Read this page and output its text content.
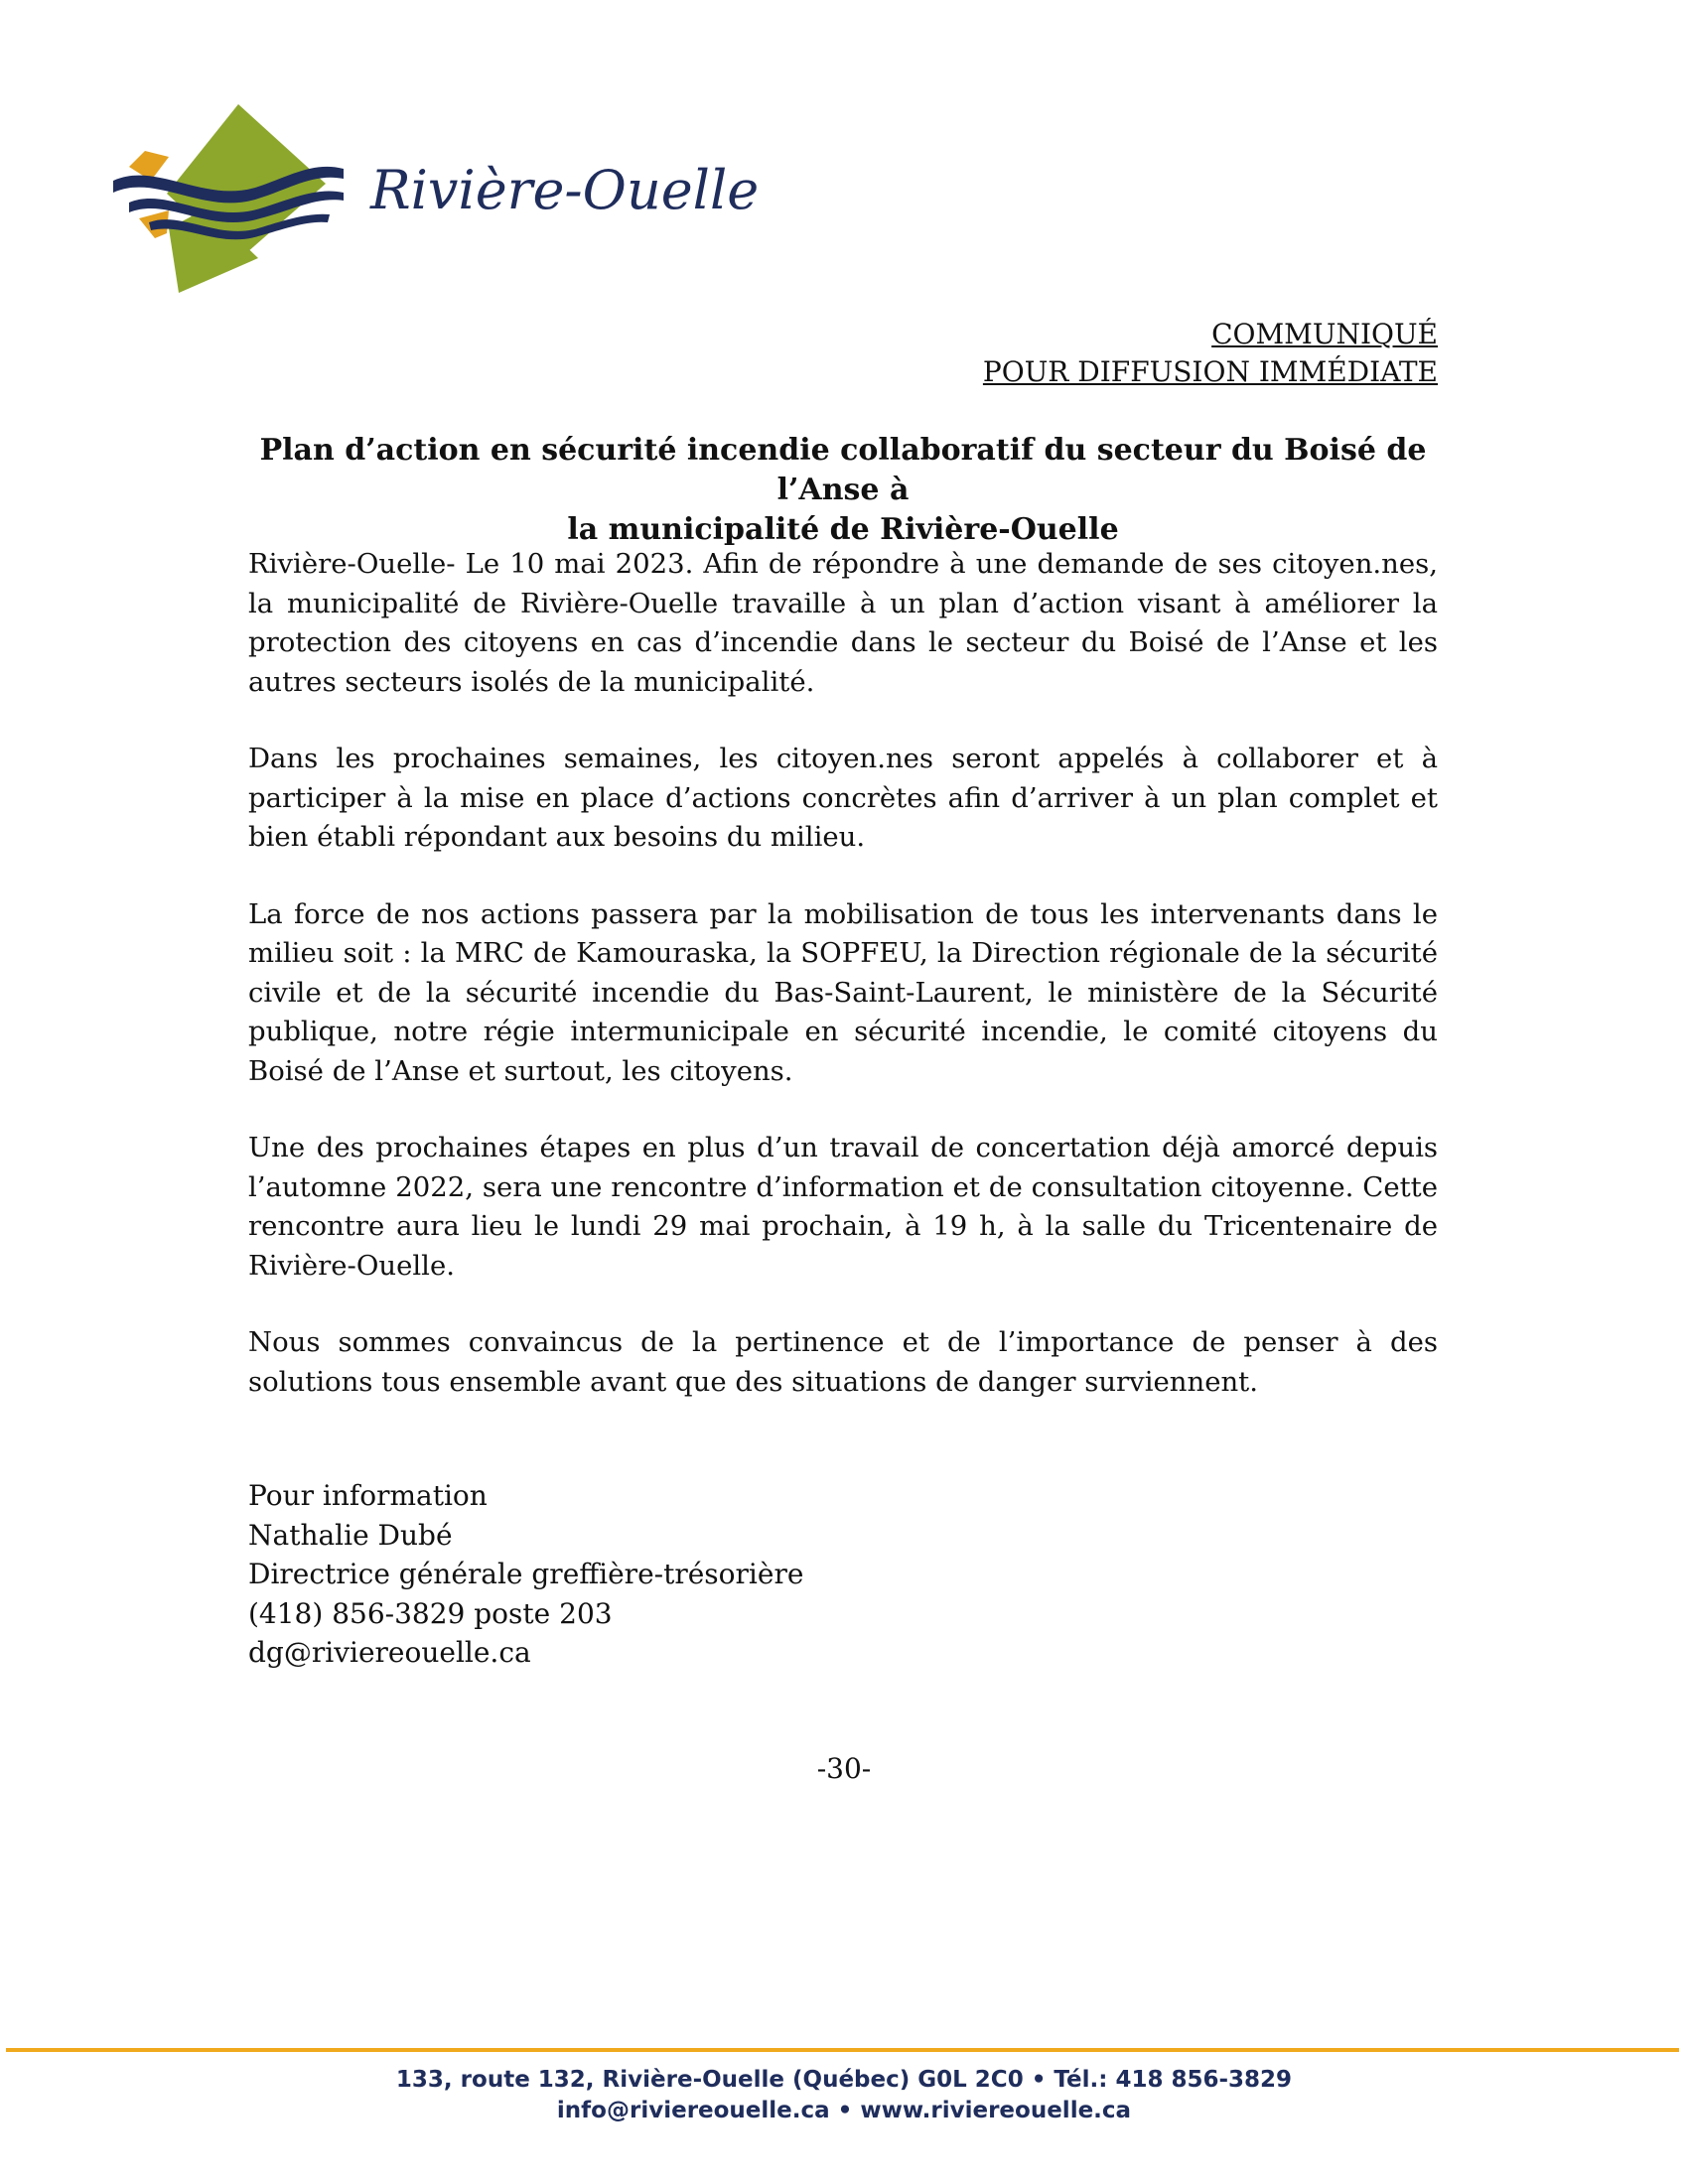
Rivière-Ouelle
COMMUNIQUÉ
POUR DIFFUSION IMMÉDIATE
Plan d’action en sécurité incendie collaboratif du secteur du Boisé de l’Anse à
la municipalité de Rivière-Ouelle

Rivière-Ouelle- Le 10 mai 2023. Afin de répondre à une demande de ses citoyen.nes, la municipalité de Rivière-Ouelle travaille à un plan d’action visant à améliorer la protection des citoyens en cas d’incendie dans le secteur du Boisé de l’Anse et les autres secteurs isolés de la municipalité.

Dans les prochaines semaines, les citoyen.nes seront appelés à collaborer et à participer à la mise en place d’actions concrètes afin d’arriver à un plan complet et bien établi répondant aux besoins du milieu.

La force de nos actions passera par la mobilisation de tous les intervenants dans le milieu soit : la MRC de Kamouraska, la SOPFEU, la Direction régionale de la sécurité civile et de la sécurité incendie du Bas-Saint-Laurent, le ministère de la Sécurité publique, notre régie intermunicipale en sécurité incendie, le comité citoyens du Boisé de l’Anse et surtout, les citoyens.

Une des prochaines étapes en plus d’un travail de concertation déjà amorcé depuis l’automne 2022, sera une rencontre d’information et de consultation citoyenne. Cette rencontre aura lieu le lundi 29 mai prochain, à 19 h, à la salle du Tricentenaire de Rivière-Ouelle.

Nous sommes convaincus de la pertinence et de l’importance de penser à des solutions tous ensemble avant que des situations de danger surviennent.

Pour information
Nathalie Dubé
Directrice générale greffière-trésorière
(418) 856-3829 poste 203
dg@riviereouelle.ca
-30-
133, route 132, Rivière-Ouelle (Québec) G0L 2C0 • Tél.: 418 856-3829
info@riviereouelle.ca • www.riviereouelle.ca
